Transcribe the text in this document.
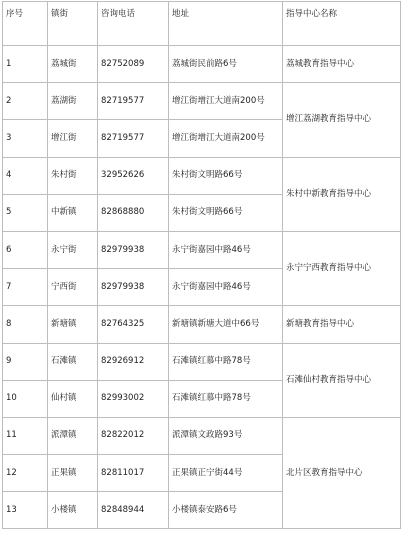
序号	镇街	咨询电话	地址	指导中心名称
1	荔城街	82752089	荔城街民前路6号	荔城教育指导中心
2	荔湖街	82719577	增江街增江大道南200号	增江荔湖教育指导中心
3	增江街	82719577	增江街增江大道南200号	
4	朱村街	32952626	朱村街文明路66号	朱村中新教育指导中心
5	中新镇	82868880	朱村街文明路66号	
6	永宁街	82979938	永宁街嘉园中路46号	永宁宁西教育指导中心
7	宁西街	82979938	永宁街嘉园中路46号	
8	新塘镇	82764325	新塘镇新塘大道中66号	新塘教育指导中心
9	石滩镇	82926912	石滩镇红慕中路78号	石滩仙村教育指导中心
10	仙村镇	82993002	石滩镇红慕中路78号	
11	派潭镇	82822012	派潭镇文政路93号	北片区教育指导中心
12	正果镇	82811017	正果镇正宁街44号	
13	小楼镇	82848944	小楼镇泰安路6号	
